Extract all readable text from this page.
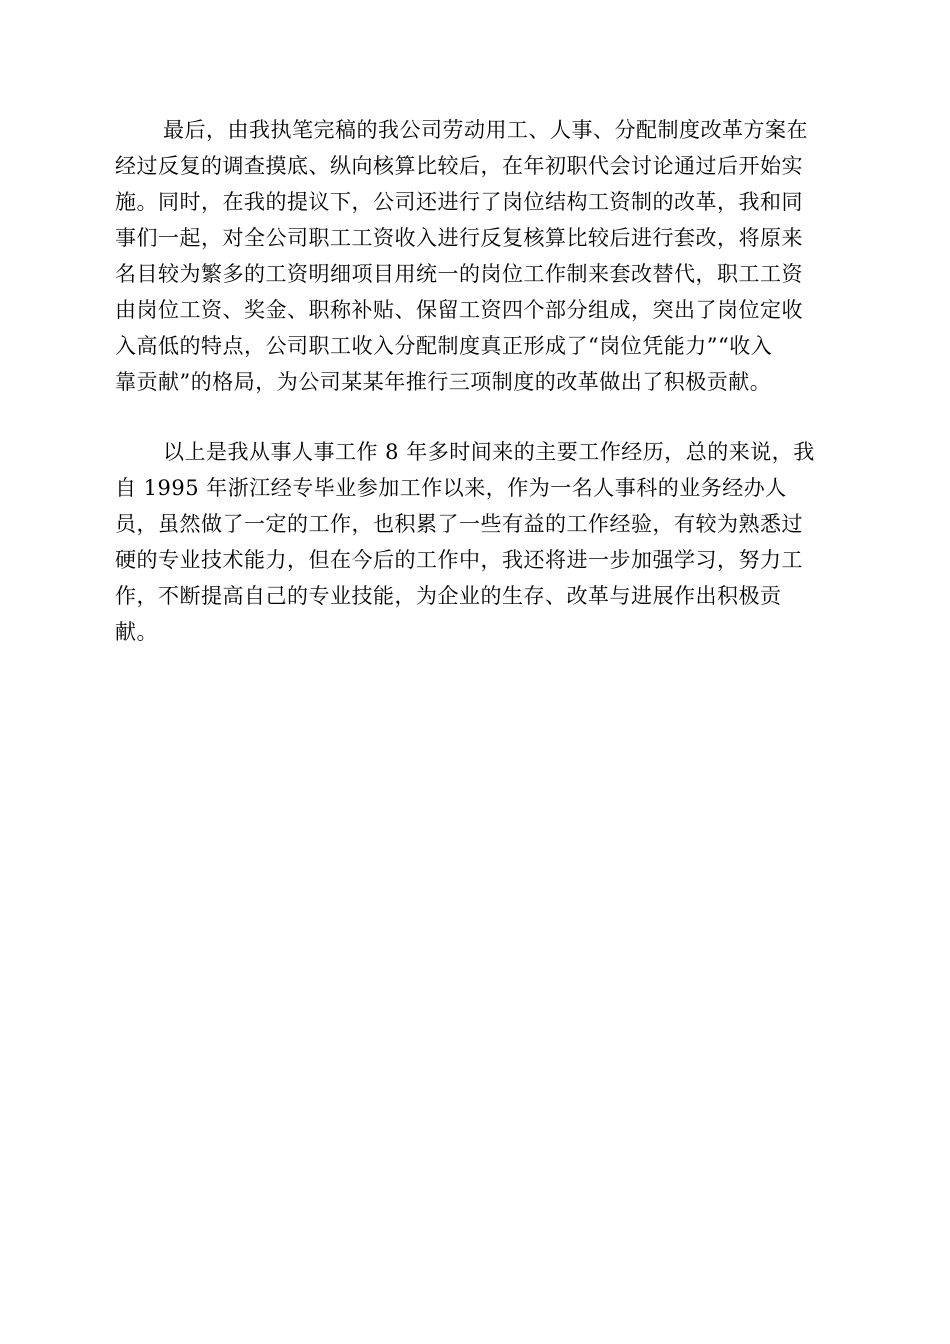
最后，由我执笔完稿的我公司劳动用工、人事、分配制度改革方案在
经过反复的调查摸底、纵向核算比较后，在年初职代会讨论通过后开始实
施。同时，在我的提议下，公司还进行了岗位结构工资制的改革，我和同
事们一起，对全公司职工工资收入进行反复核算比较后进行套改，将原来
名目较为繁多的工资明细项目用统一的岗位工作制来套改替代，职工工资
由岗位工资、奖金、职称补贴、保留工资四个部分组成，突出了岗位定收
入高低的特点，公司职工收入分配制度真正形成了“岗位凭能力”“收入
靠贡献”的格局，为公司某某年推行三项制度的改革做出了积极贡献。
以上是我从事人事工作 8 年多时间来的主要工作经历，总的来说，我
自 1995 年浙江经专毕业参加工作以来，作为一名人事科的业务经办人
员，虽然做了一定的工作，也积累了一些有益的工作经验，有较为熟悉过
硬的专业技术能力，但在今后的工作中，我还将进一步加强学习，努力工
作，不断提高自己的专业技能，为企业的生存、改革与进展作出积极贡
献。
